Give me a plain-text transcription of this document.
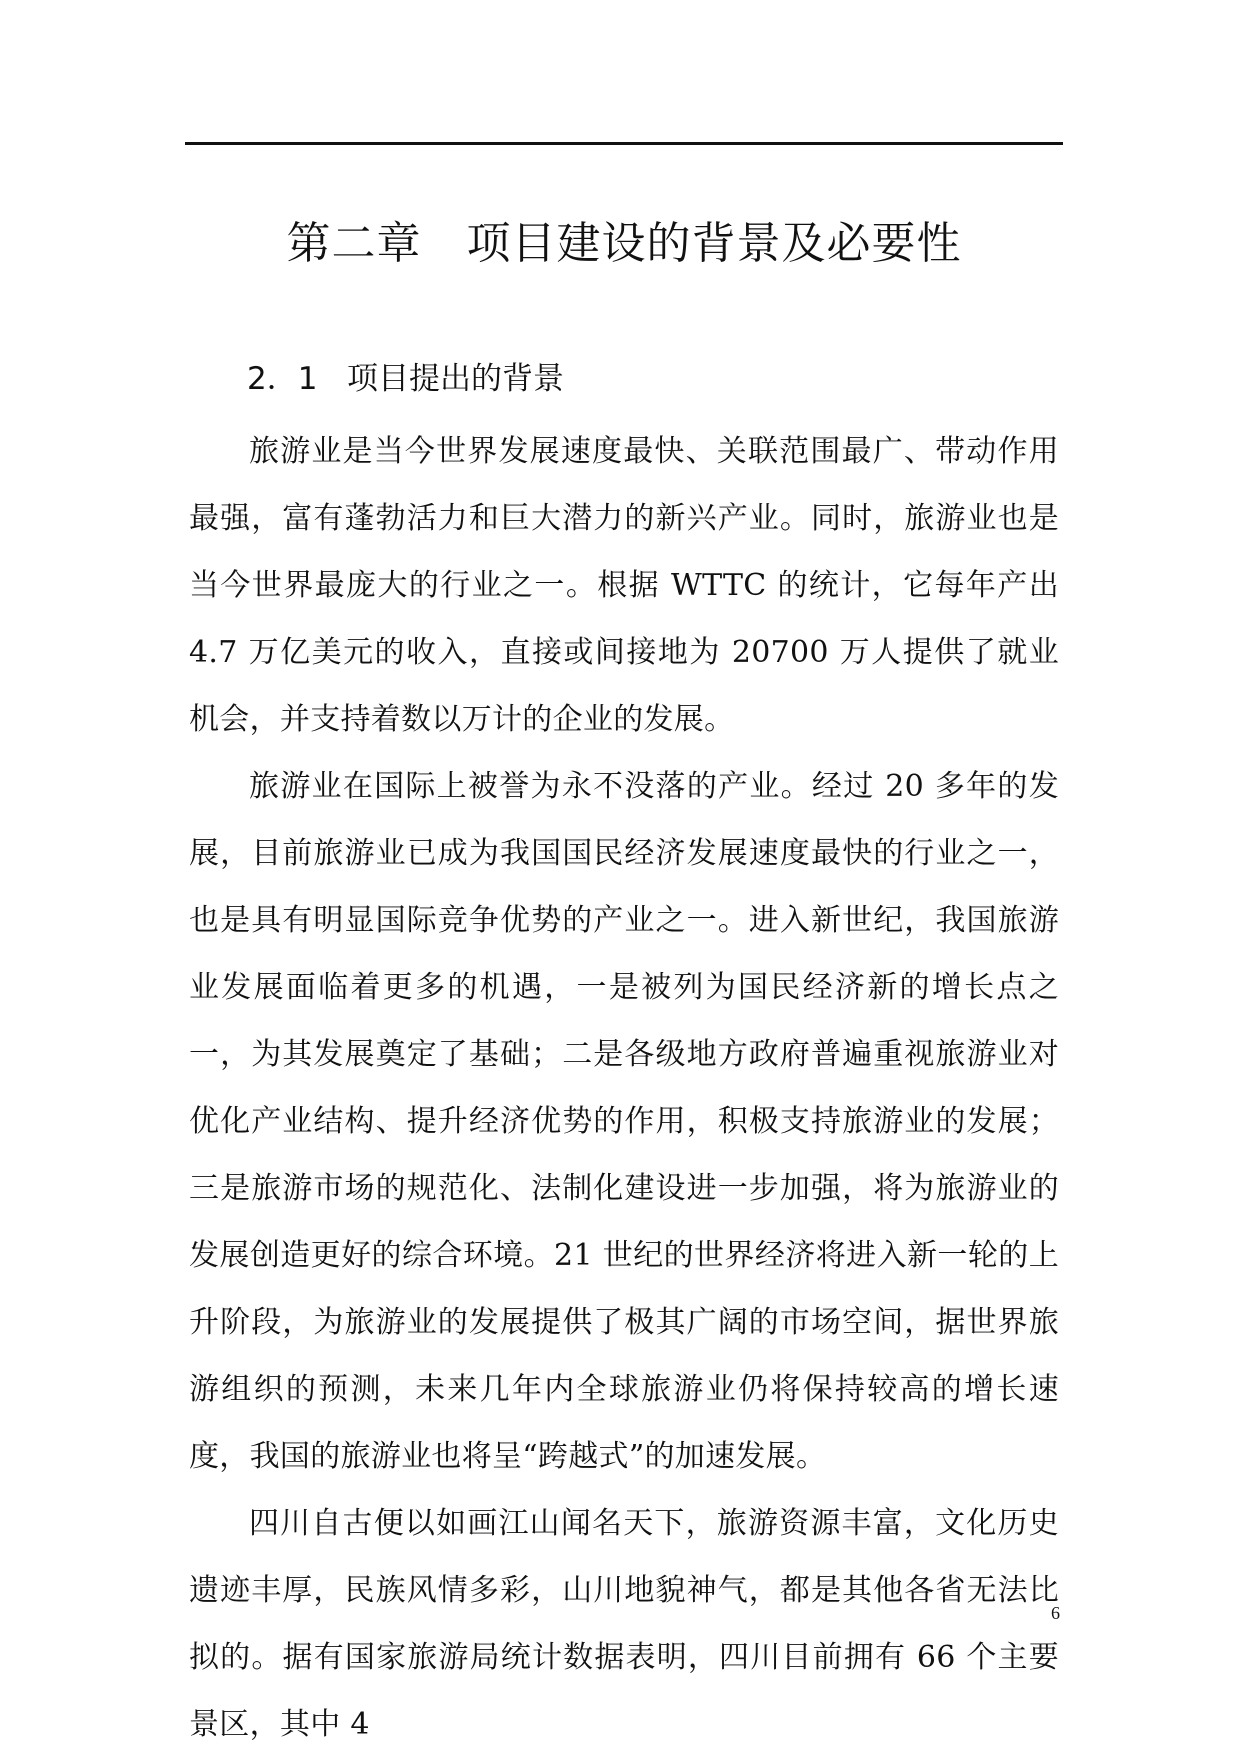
第二章　项目建设的背景及必要性
2．1 项目提出的背景

旅游业是当今世界发展速度最快、关联范围最广、带动作用最强，富有蓬勃活力和巨大潜力的新兴产业。同时，旅游业也是当今世界最庞大的行业之一。根据 WTTC 的统计，它每年产出 4.7 万亿美元的收入，直接或间接地为 20700 万人提供了就业机会，并支持着数以万计的企业的发展。

旅游业在国际上被誉为永不没落的产业。经过 20 多年的发展，目前旅游业已成为我国国民经济发展速度最快的行业之一，也是具有明显国际竞争优势的产业之一。进入新世纪，我国旅游业发展面临着更多的机遇，一是被列为国民经济新的增长点之一，为其发展奠定了基础；二是各级地方政府普遍重视旅游业对优化产业结构、提升经济优势的作用，积极支持旅游业的发展；三是旅游市场的规范化、法制化建设进一步加强，将为旅游业的发展创造更好的综合环境。21 世纪的世界经济将进入新一轮的上升阶段，为旅游业的发展提供了极其广阔的市场空间，据世界旅游组织的预测，未来几年内全球旅游业仍将保持较高的增长速度，我国的旅游业也将呈“跨越式”的加速发展。

四川自古便以如画江山闻名天下，旅游资源丰富，文化历史遗迹丰厚，民族风情多彩，山川地貌神气，都是其他各省无法比拟的。据有国家旅游局统计数据表明，四川目前拥有 66 个主要景区，其中 4

6
